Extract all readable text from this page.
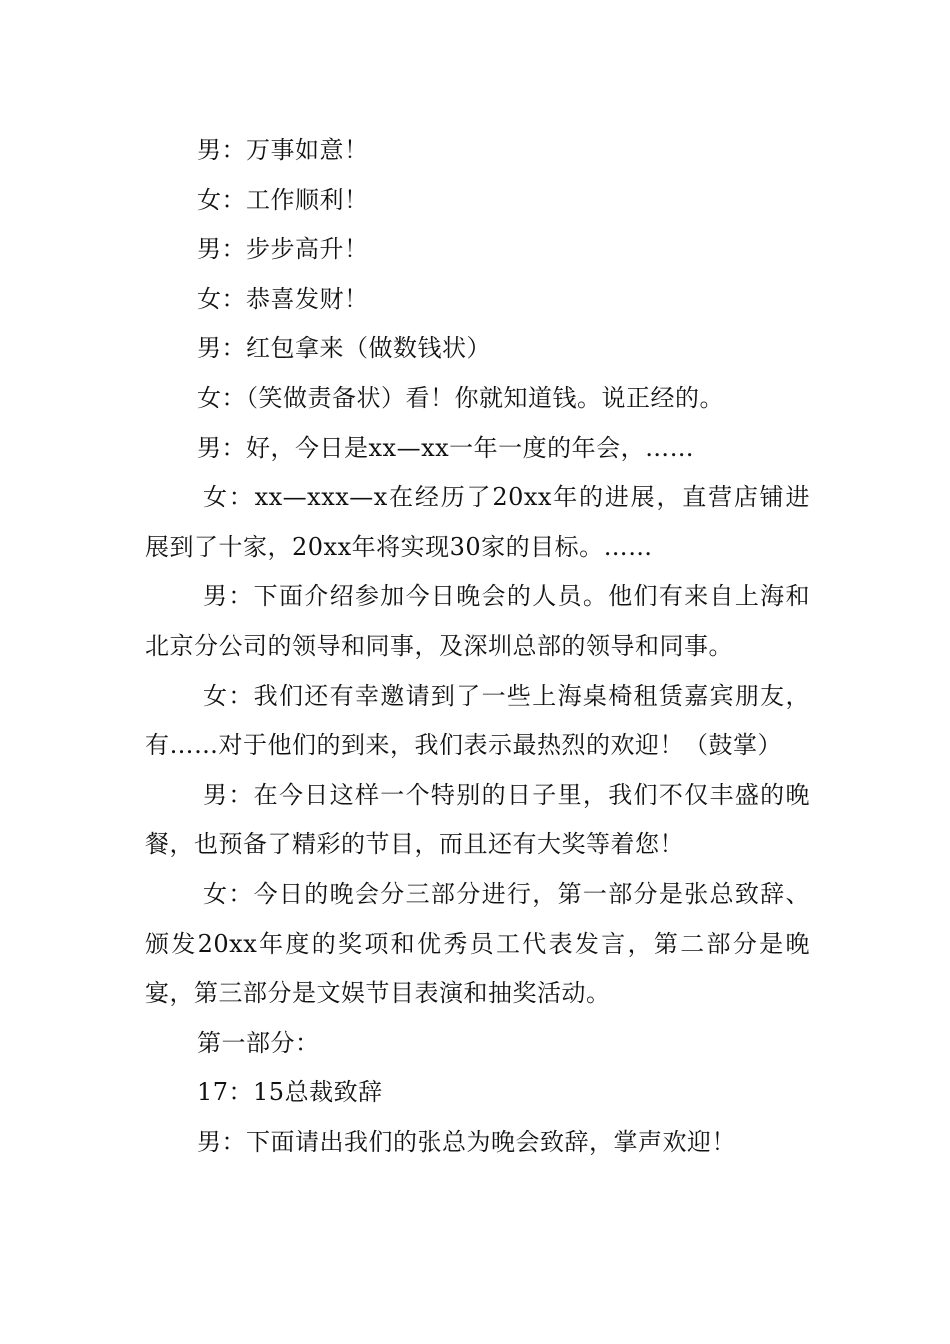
男：万事如意！

女：工作顺利！

男：步步高升！

女：恭喜发财！

男：红包拿来（做数钱状）

女：（笑做责备状）看！你就知道钱。说正经的。

男：好，今日是xx—xx一年一度的年会，……

女：xx—xxx—x在经历了20xx年的进展，直营店铺进展到了十家，20xx年将实现30家的目标。……

男：下面介绍参加今日晚会的人员。他们有来自上海和北京分公司的领导和同事，及深圳总部的领导和同事。

女：我们还有幸邀请到了一些上海桌椅租赁嘉宾朋友，有……对于他们的到来，我们表示最热烈的欢迎！（鼓掌）

男：在今日这样一个特别的日子里，我们不仅丰盛的晚餐，也预备了精彩的节目，而且还有大奖等着您！

女：今日的晚会分三部分进行，第一部分是张总致辞、颁发20xx年度的奖项和优秀员工代表发言，第二部分是晚宴，第三部分是文娱节目表演和抽奖活动。

第一部分：

17：15总裁致辞

男：下面请出我们的张总为晚会致辞，掌声欢迎！
